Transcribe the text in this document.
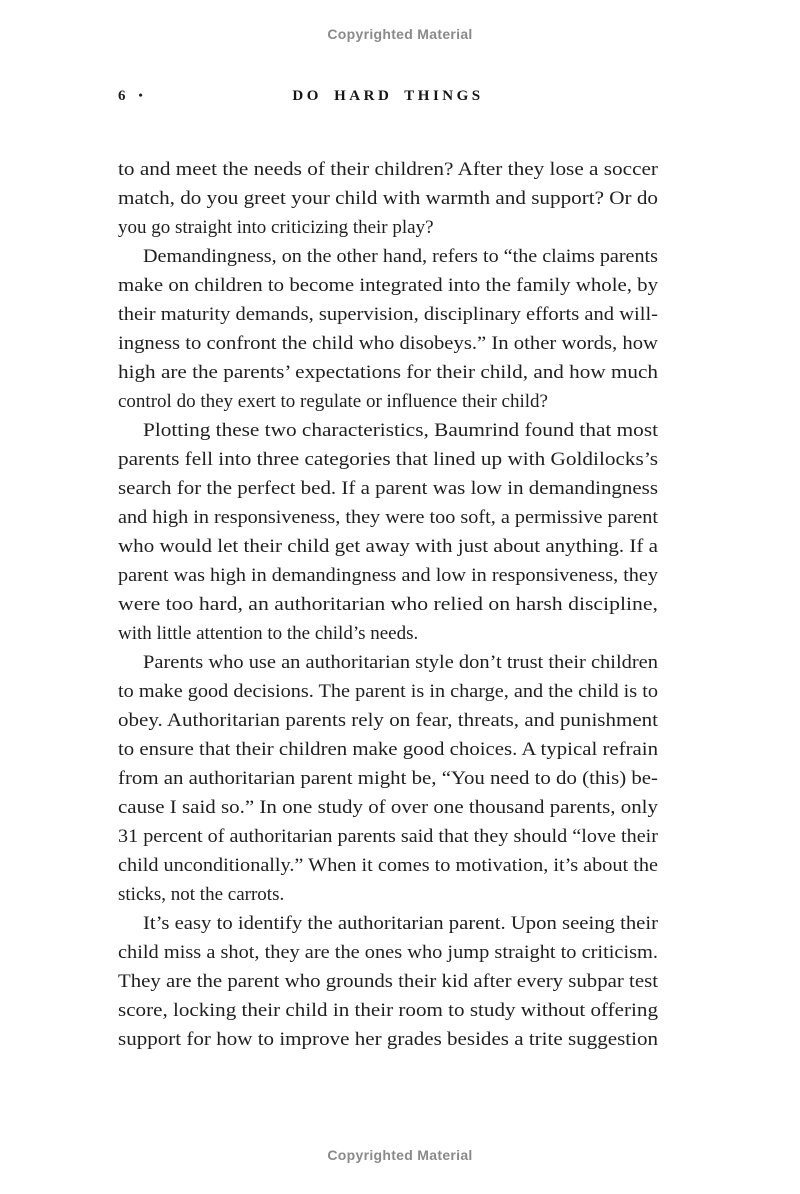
Copyrighted Material
6 •	DO HARD THINGS
to and meet the needs of their children? After they lose a soccer
match, do you greet your child with warmth and support? Or do
you go straight into criticizing their play?
Demandingness, on the other hand, refers to “the claims parents
make on children to become integrated into the family whole, by
their maturity demands, supervision, disciplinary efforts and will-
ingness to confront the child who disobeys.” In other words, how
high are the parents’ expectations for their child, and how much
control do they exert to regulate or influence their child?
Plotting these two characteristics, Baumrind found that most
parents fell into three categories that lined up with Goldilocks’s
search for the perfect bed. If a parent was low in demandingness
and high in responsiveness, they were too soft, a permissive parent
who would let their child get away with just about anything. If a
parent was high in demandingness and low in responsiveness, they
were too hard, an authoritarian who relied on harsh discipline,
with little attention to the child’s needs.
Parents who use an authoritarian style don’t trust their children
to make good decisions. The parent is in charge, and the child is to
obey. Authoritarian parents rely on fear, threats, and punishment
to ensure that their children make good choices. A typical refrain
from an authoritarian parent might be, “You need to do (this) be-
cause I said so.” In one study of over one thousand parents, only
31 percent of authoritarian parents said that they should “love their
child unconditionally.” When it comes to motivation, it’s about the
sticks, not the carrots.
It’s easy to identify the authoritarian parent. Upon seeing their
child miss a shot, they are the ones who jump straight to criticism.
They are the parent who grounds their kid after every subpar test
score, locking their child in their room to study without offering
support for how to improve her grades besides a trite suggestion
Copyrighted Material
